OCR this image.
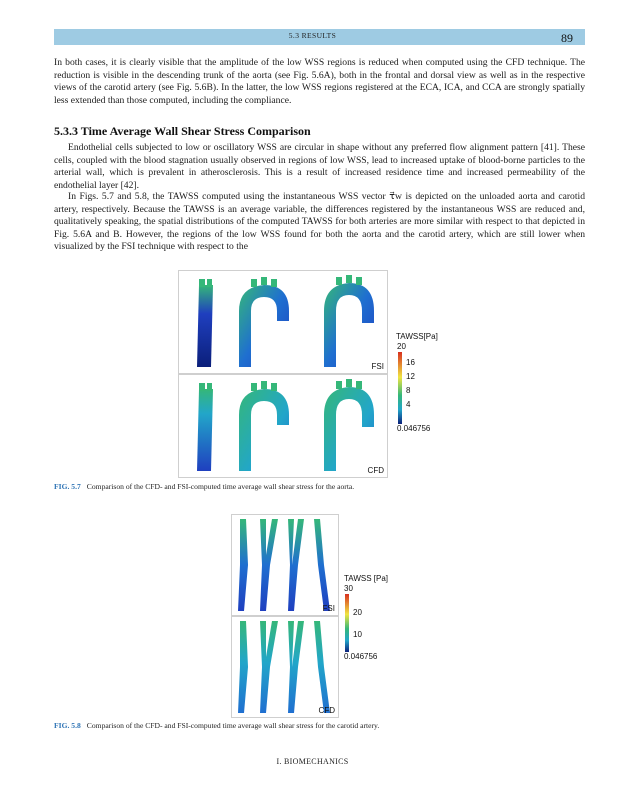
5.3 RESULTS	89

In both cases, it is clearly visible that the amplitude of the low WSS regions is reduced when computed using the CFD technique. The reduction is visible in the descending trunk of the aorta (see Fig. 5.6A), both in the frontal and dorsal view as well as in the respective views of the carotid artery (see Fig. 5.6B). In the latter, the low WSS regions registered at the ECA, ICA, and CCA are strongly spatially less extended than those computed, including the compliance.

5.3.3 Time Average Wall Shear Stress Comparison

Endothelial cells subjected to low or oscillatory WSS are circular in shape without any preferred flow alignment pattern [41]. These cells, coupled with the blood stagnation usually observed in regions of low WSS, lead to increased uptake of blood-borne particles to the arterial wall, which is prevalent in atherosclerosis. This is a result of increased residence time and increased permeability of the endothelial layer [42].

In Figs. 5.7 and 5.8, the TAWSS computed using the instantaneous WSS vector τ⃗w is depicted on the unloaded aorta and carotid artery, respectively. Because the TAWSS is an average variable, the differences registered by the instantaneous WSS are reduced and, qualitatively speaking, the spatial distributions of the computed TAWSS for both arteries are more similar with respect to that depicted in Fig. 5.6A and B. However, the regions of the low WSS found for both the aorta and the carotid artery, which are still lower when visualized by the FSI technique with respect to the

FSI
CFD
TAWSS[Pa]
20
16
12
8
4
0.046756
FIG. 5.7 Comparison of the CFD- and FSI-computed time average wall shear stress for the aorta.
FSI
CFD
TAWSS [Pa]
30
20
10
0.046756
FIG. 5.8 Comparison of the CFD- and FSI-computed time average wall shear stress for the carotid artery.
I. BIOMECHANICS
